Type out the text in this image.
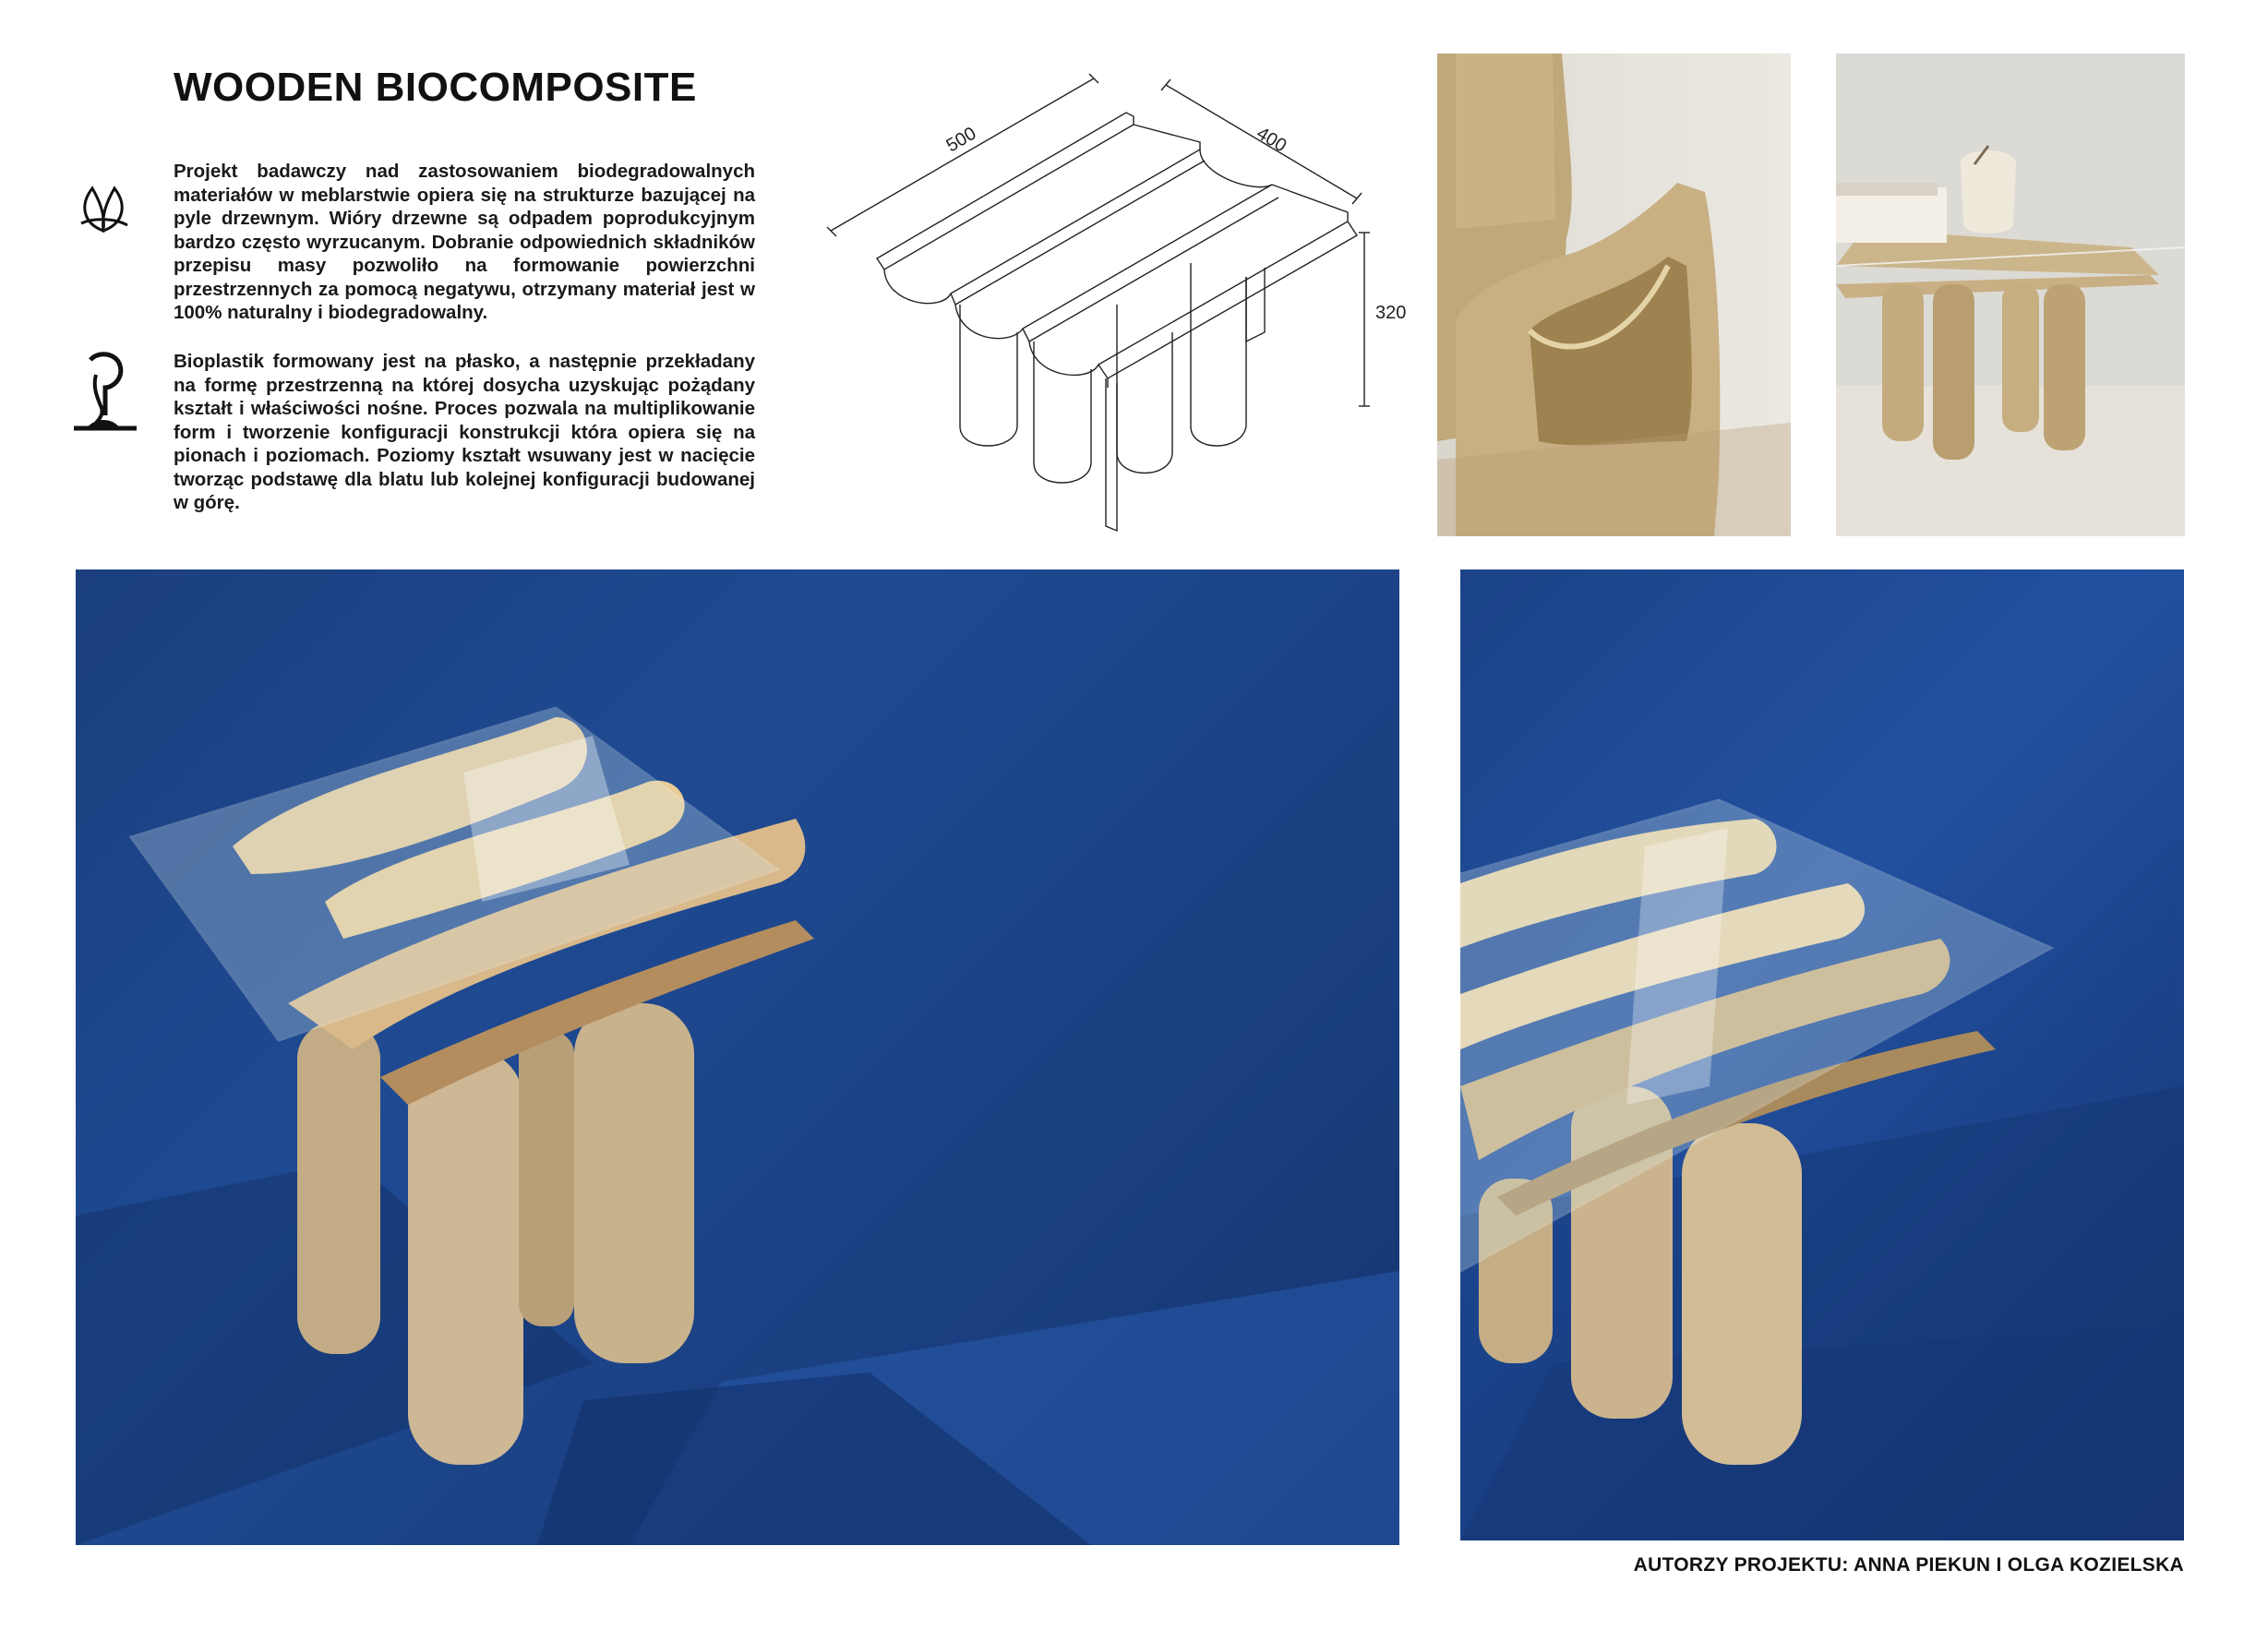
WOODEN BIOCOMPOSITE

Projekt badawczy nad zastosowaniem biodegradowalnych materiałów w meblarstwie opiera się na strukturze bazującej na pyle drzewnym. Wióry drzewne są odpadem poprodukcyjnym bardzo często wyrzucanym. Dobranie odpowiednich składników przepisu masy pozwoliło na formowanie powierzchni przestrzennych za pomocą negatywu, otrzymany materiał jest w 100% naturalny i biodegradowalny.

Bioplastik formowany jest na płasko, a następnie przekładany na formę przestrzenną na której dosycha uzyskując pożądany kształt i właściwości nośne. Proces pozwala na multiplikowanie form i tworzenie konfiguracji konstrukcji która opiera się na pionach i poziomach. Poziomy kształt wsuwany jest w nacięcie tworząc podstawę dla blatu lub kolejnej konfiguracji budowanej w górę.

500	400
320

AUTORZY PROJEKTU: ANNA PIEKUN I OLGA KOZIELSKA
